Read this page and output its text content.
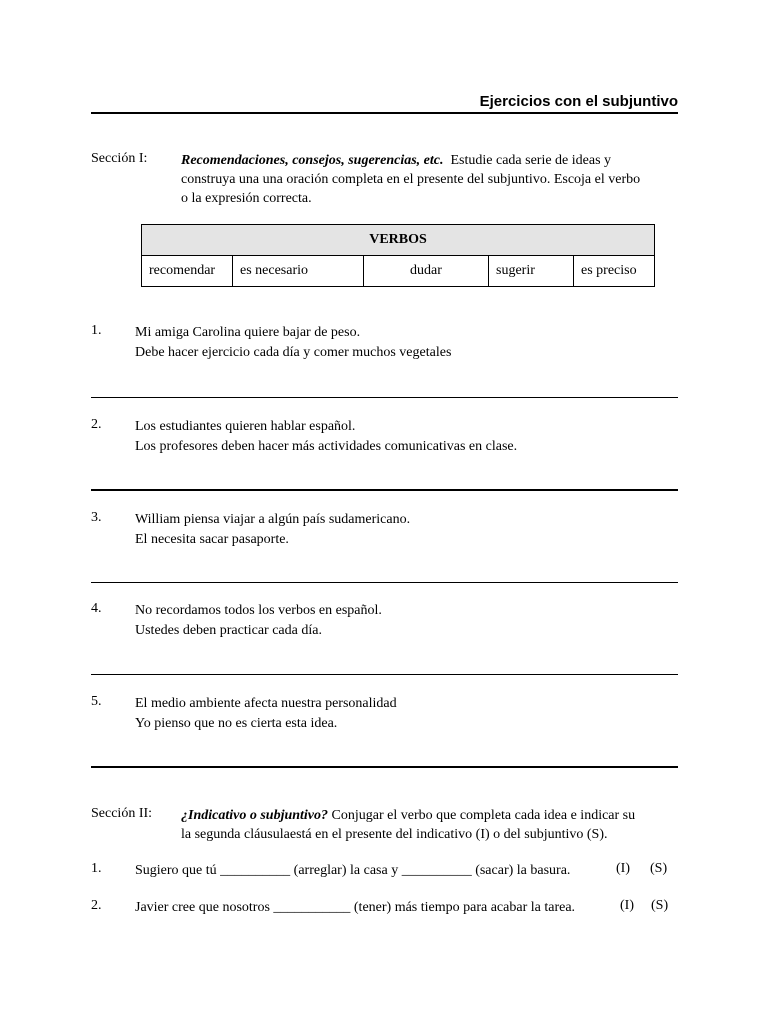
Ejercicios con el subjuntivo
Sección I: Recomendaciones, consejos, sugerencias, etc. Estudie cada serie de ideas y
construya una una oración completa en el presente del subjuntivo. Escoja el verbo
o la expresión correcta.
VERBOS
recomendar	es necesario	dudar	sugerir	es preciso
1. Mi amiga Carolina quiere bajar de peso.
Debe hacer ejercicio cada día y comer muchos vegetales
2. Los estudiantes quieren hablar español.
Los profesores deben hacer más actividades comunicativas en clase.
3. William piensa viajar a algún país sudamericano.
El necesita sacar pasaporte.
4. No recordamos todos los verbos en español.
Ustedes deben practicar cada día.
5. El medio ambiente afecta nuestra personalidad
Yo pienso que no es cierta esta idea.
Sección II: ¿Indicativo o subjuntivo? Conjugar el verbo que completa cada idea e indicar su
la segunda cláusulaestá en el presente del indicativo (I) o del subjuntivo (S).
1. Sugiero que tú __________ (arreglar) la casa y __________ (sacar) la basura.	(I) (S)
2. Javier cree que nosotros ___________ (tener) más tiempo para acabar la tarea.	(I) (S)
